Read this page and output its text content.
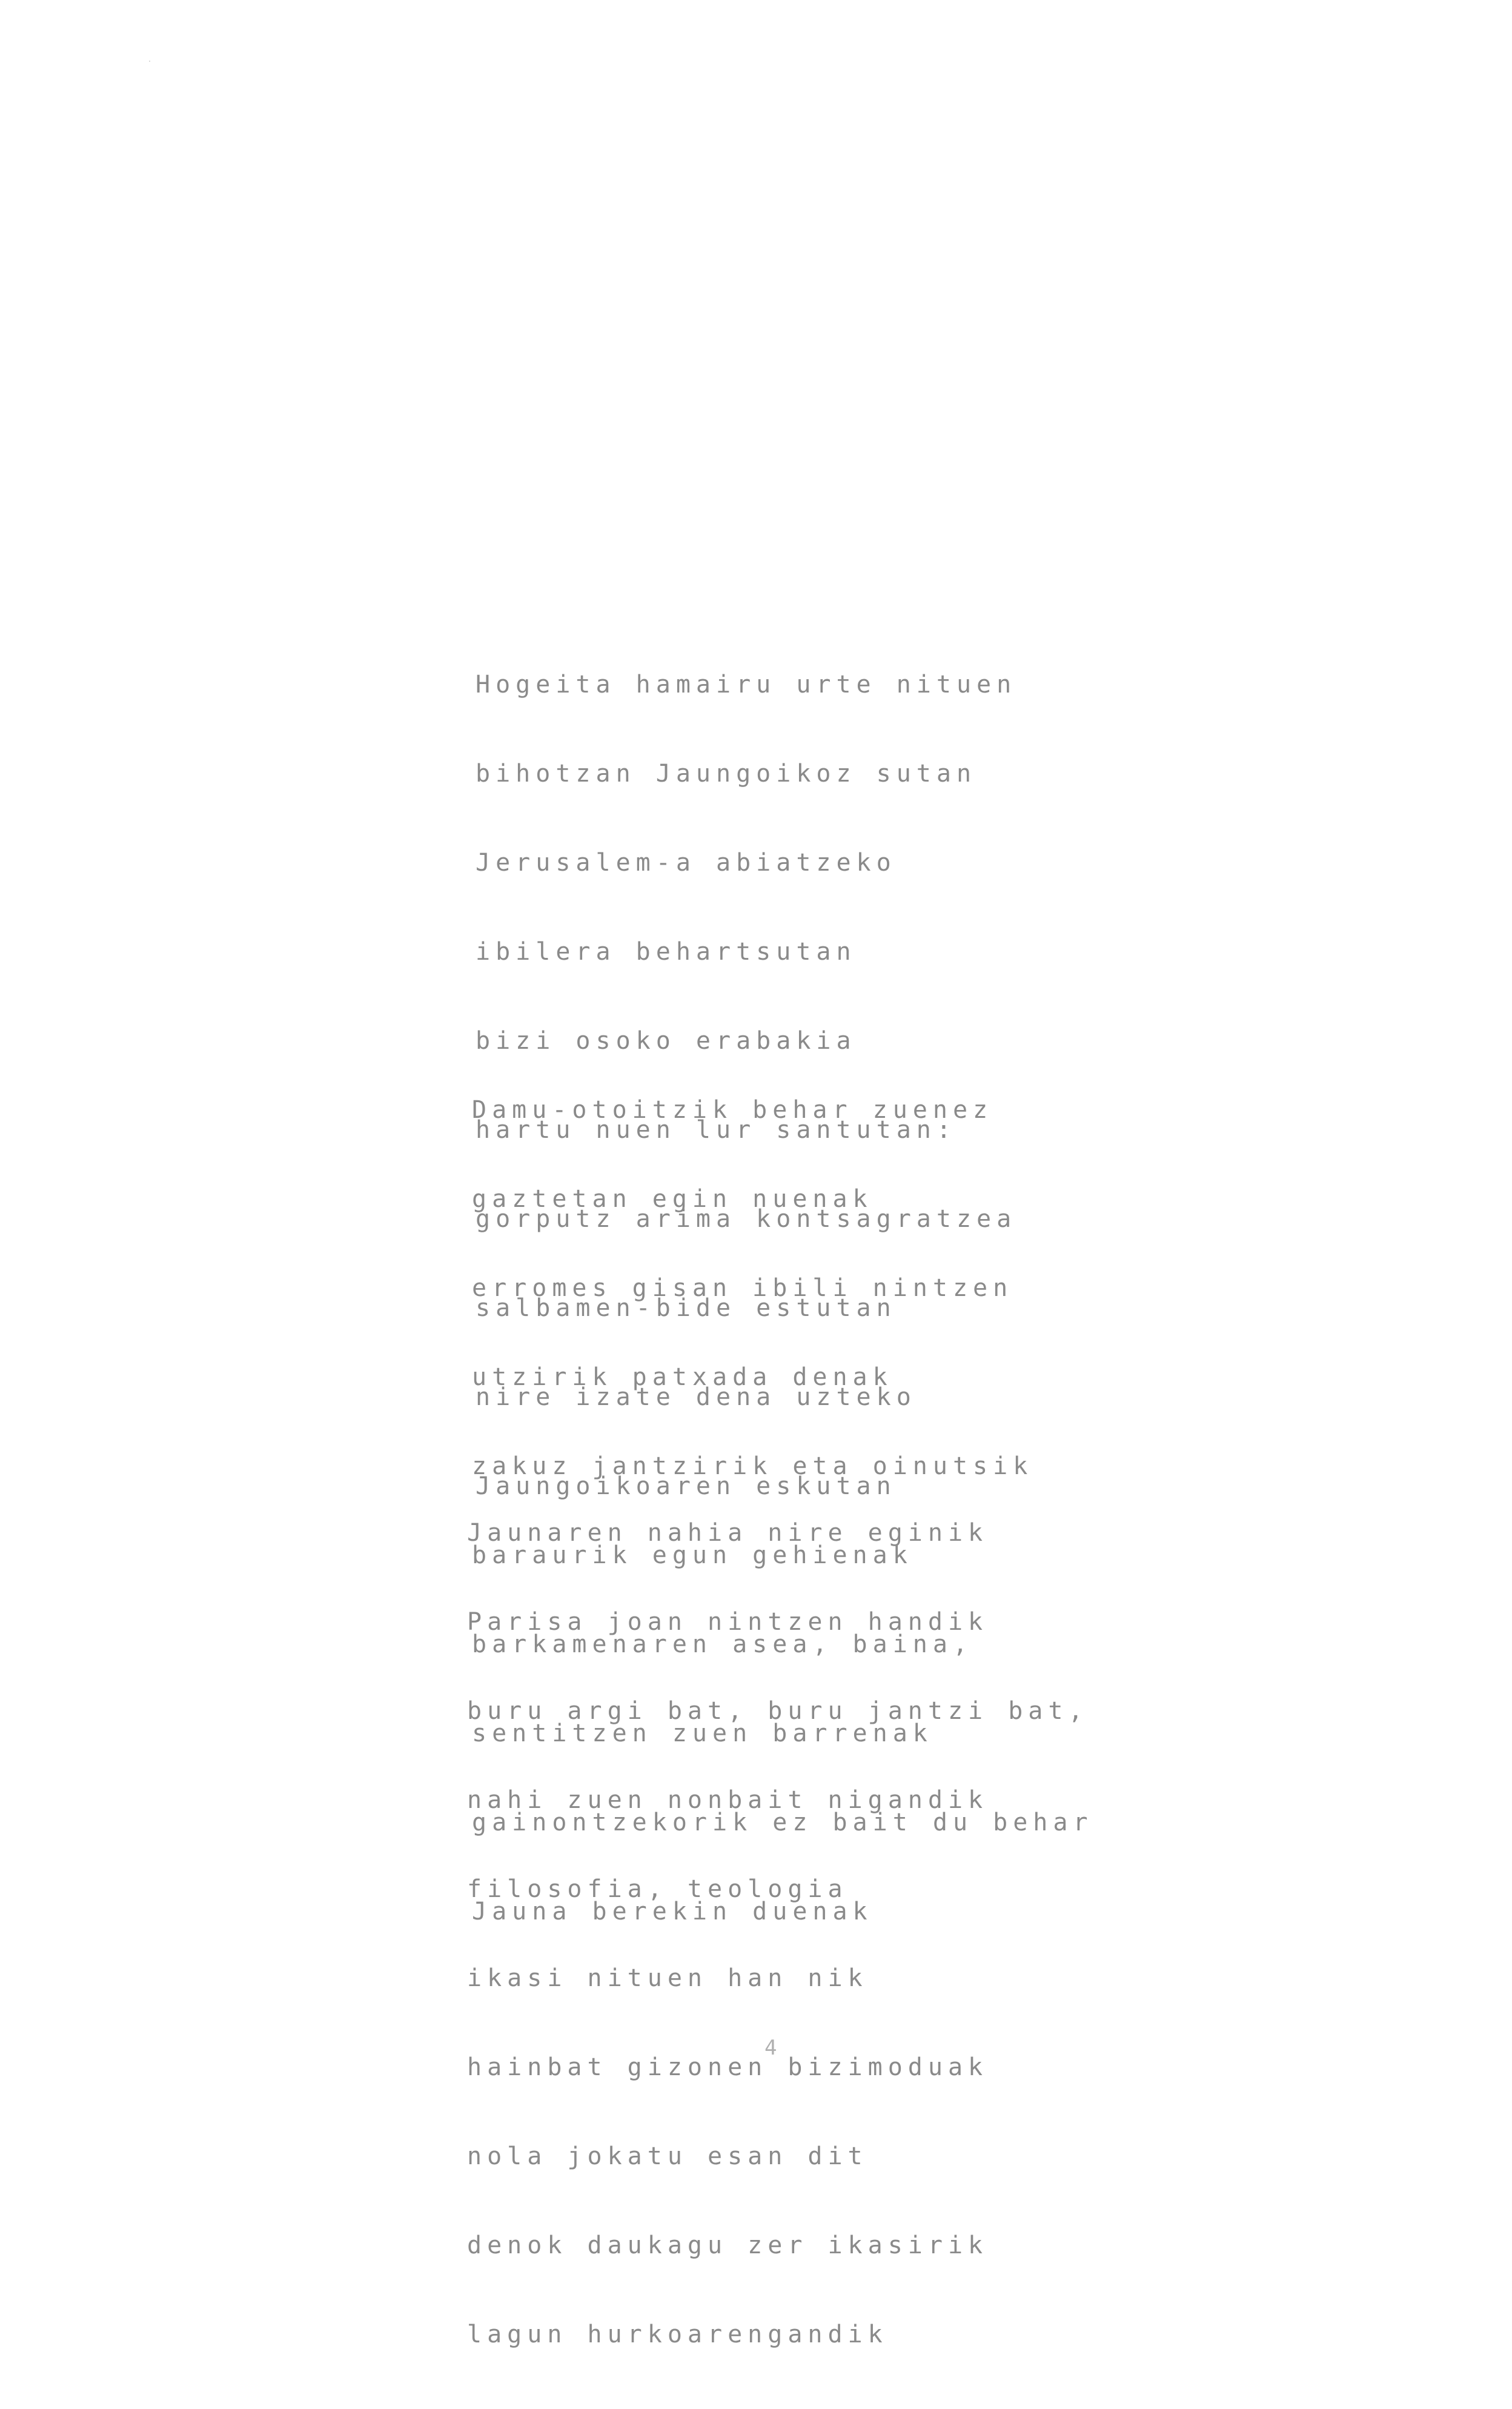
Hogeita hamairu urte nituen

bihotzan Jaungoikoz sutan

Jerusalem-a abiatzeko

ibilera behartsutan

bizi osoko erabakia

hartu nuen lur santutan:

gorputz arima kontsagratzea

salbamen-bide estutan

nire izate dena uzteko

Jaungoikoaren eskutan

Damu-otoitzik behar zuenez

gaztetan egin nuenak

erromes gisan ibili nintzen

utzirik patxada denak

zakuz jantzirik eta oinutsik

baraurik egun gehienak

barkamenaren asea, baina,

sentitzen zuen barrenak

gainontzekorik ez bait du behar

Jauna berekin duenak

Jaunaren nahia nire eginik

Parisa joan nintzen handik

buru argi bat, buru jantzi bat,

nahi zuen nonbait nigandik

filosofia, teologia

ikasi nituen han nik

hainbat gizonen bizimoduak

nola jokatu esan dit

denok daukagu zer ikasirik

lagun hurkoarengandik

4
